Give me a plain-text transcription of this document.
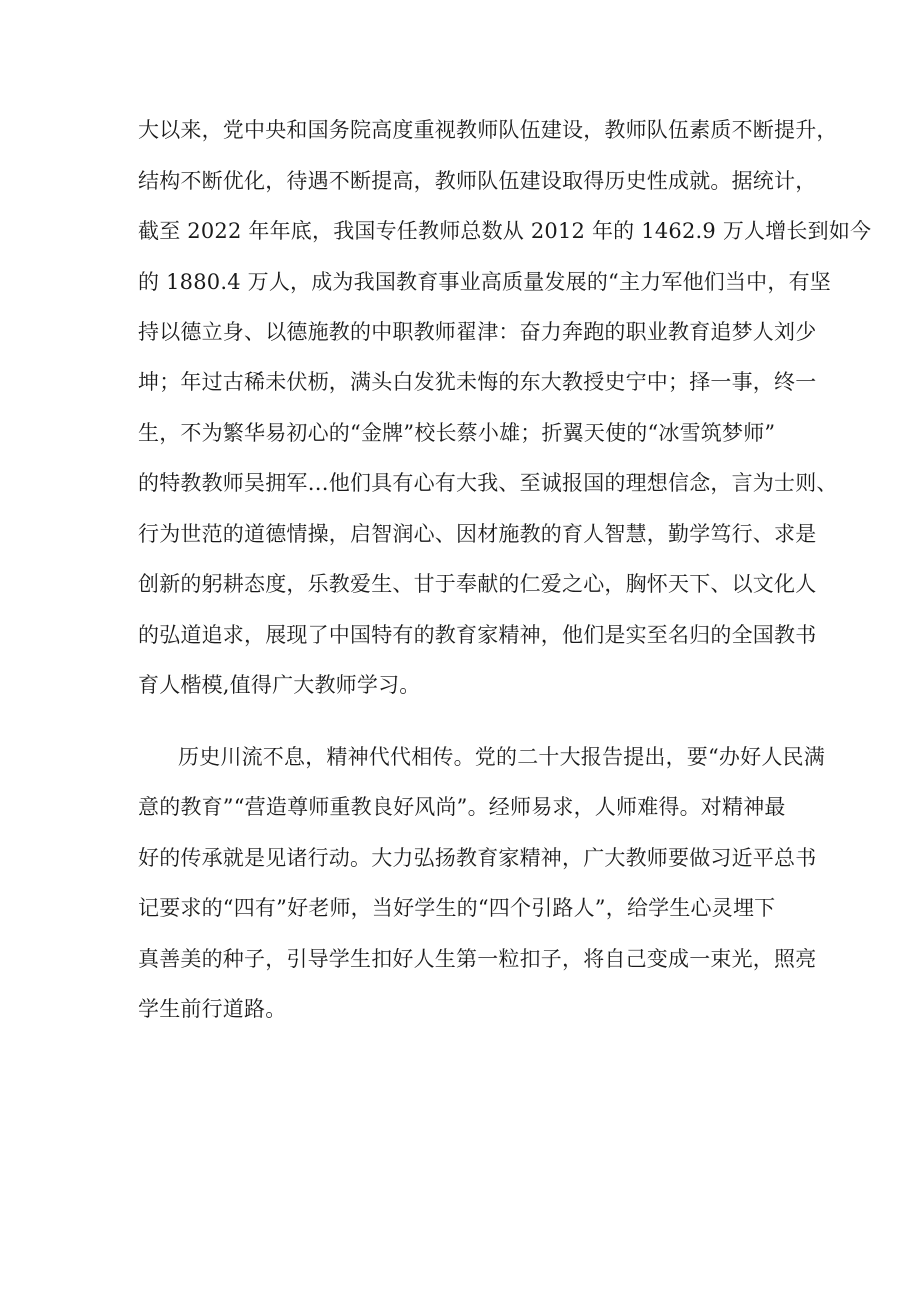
大以来，党中央和国务院高度重视教师队伍建设，教师队伍素质不断提升，
结构不断优化，待遇不断提高，教师队伍建设取得历史性成就。据统计，
截至 2022 年年底，我国专任教师总数从 2012 年的 1462.9 万人增长到如今
的 1880.4 万人，成为我国教育事业高质量发展的“主力军他们当中，有坚
持以德立身、以德施教的中职教师翟津：奋力奔跑的职业教育追梦人刘少
坤；年过古稀未伏枥，满头白发犹未悔的东大教授史宁中；择一事，终一
生，不为繁华易初心的“金牌”校长蔡小雄；折翼天使的“冰雪筑梦师”
的特教教师吴拥军…他们具有心有大我、至诚报国的理想信念，言为士则、
行为世范的道德情操，启智润心、因材施教的育人智慧，勤学笃行、求是
创新的躬耕态度，乐教爱生、甘于奉献的仁爱之心，胸怀天下、以文化人
的弘道追求，展现了中国特有的教育家精神，他们是实至名归的全国教书
育人楷模,值得广大教师学习。
历史川流不息，精神代代相传。党的二十大报告提出，要“办好人民满
意的教育”“营造尊师重教良好风尚”。经师易求，人师难得。对精神最
好的传承就是见诸行动。大力弘扬教育家精神，广大教师要做习近平总书
记要求的“四有”好老师，当好学生的“四个引路人”，给学生心灵埋下
真善美的种子，引导学生扣好人生第一粒扣子，将自己变成一束光，照亮
学生前行道路。
